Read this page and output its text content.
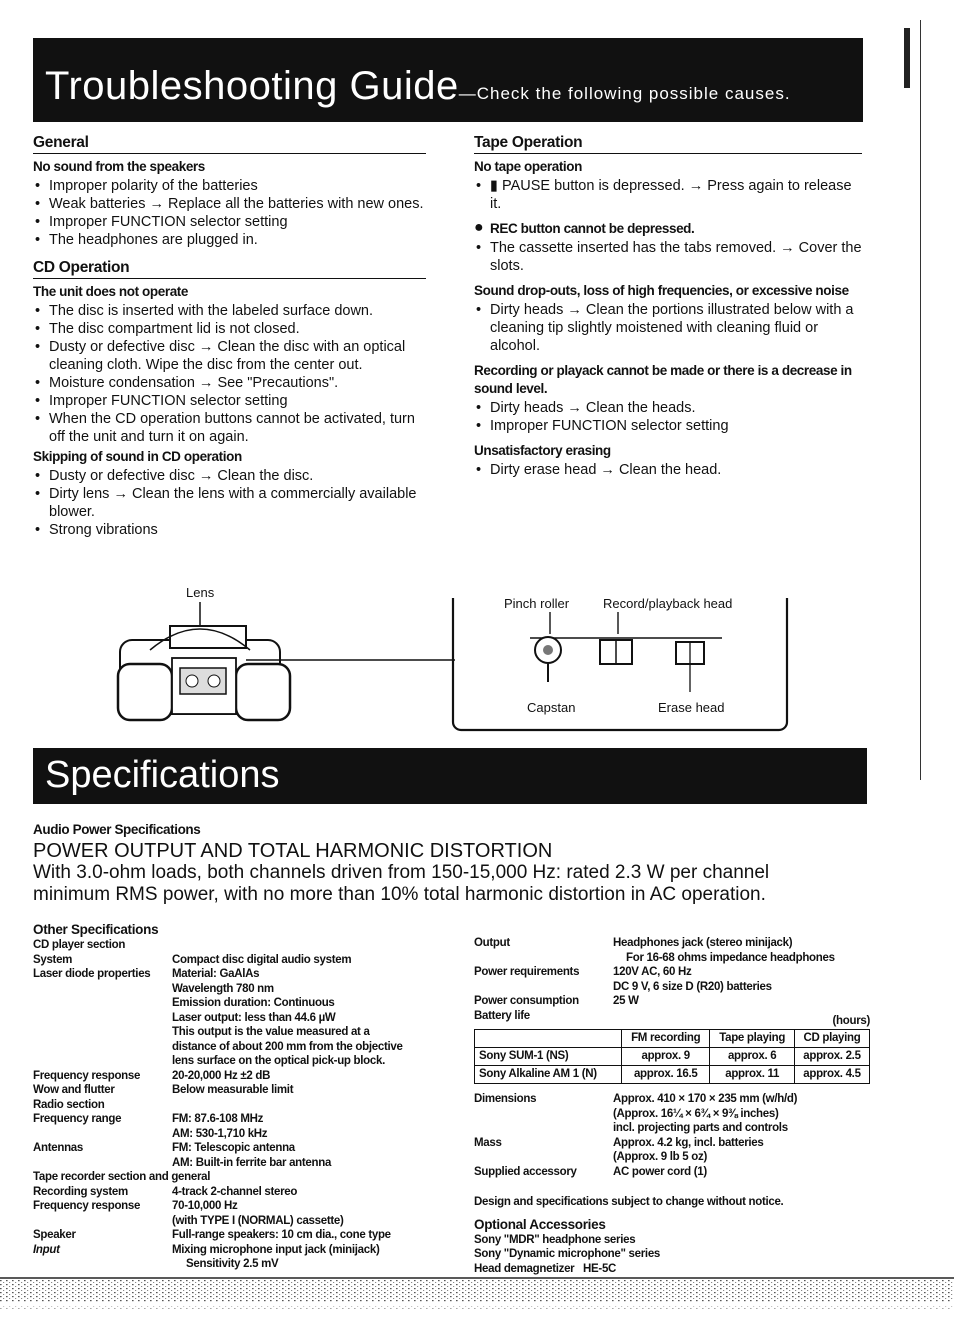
Troubleshooting Guide—Check the following possible causes.
General
No sound from the speakers
• Improper polarity of the batteries
• Weak batteries → Replace all the batteries with new ones.
• Improper FUNCTION selector setting
• The headphones are plugged in.
CD Operation
The unit does not operate
• The disc is inserted with the labeled surface down.
• The disc compartment lid is not closed.
• Dusty or defective disc → Clean the disc with an optical cleaning cloth. Wipe the disc from the center out.
• Moisture condensation → See "Precautions".
• Improper FUNCTION selector setting
• When the CD operation buttons cannot be activated, turn off the unit and turn it on again.
Skipping of sound in CD operation
• Dusty or defective disc → Clean the disc.
• Dirty lens → Clean the lens with a commercially available blower.
• Strong vibrations
Tape Operation
No tape operation
• ▮ PAUSE button is depressed. → Press again to release it.
● REC button cannot be depressed.
• The cassette inserted has the tabs removed. → Cover the slots.
Sound drop-outs, loss of high frequencies, or excessive noise
• Dirty heads → Clean the portions illustrated below with a cleaning tip slightly moistened with cleaning fluid or alcohol.
Recording or playack cannot be made or there is a decrease in sound level.
• Dirty heads → Clean the heads.
• Improper FUNCTION selector setting
Unsatisfactory erasing
• Dirty erase head → Clean the head.
Lens
Pinch roller	Record/playback head
Capstan	Erase head
Specifications
Audio Power Specifications
POWER OUTPUT AND TOTAL HARMONIC DISTORTION
With 3.0-ohm loads, both channels driven from 150-15,000 Hz: rated 2.3 W per channel
minimum RMS power, with no more than 10% total harmonic distortion in AC operation.
Other Specifications
CD player section
System	Compact disc digital audio system
Laser diode properties	Material: GaAlAs
Wavelength 780 nm
Emission duration: Continuous
Laser output: less than 44.6 µW
This output is the value measured at a
distance of about 200 mm from the objective
lens surface on the optical pick-up block.
Frequency response	20-20,000 Hz ±2 dB
Wow and flutter	Below measurable limit
Radio section
Frequency range	FM: 87.6-108 MHz
AM: 530-1,710 kHz
Antennas	FM: Telescopic antenna
AM: Built-in ferrite bar antenna
Tape recorder section and general
Recording system	4-track 2-channel stereo
Frequency response	70-10,000 Hz
(with TYPE I (NORMAL) cassette)
Speaker	Full-range speakers: 10 cm dia., cone type
Input	Mixing microphone input jack (minijack)
Sensitivity 2.5 mV
Output	Headphones jack (stereo minijack)
For 16-68 ohms impedance headphones
Power requirements	120V AC, 60 Hz
DC 9 V, 6 size D (R20) batteries
Power consumption	25 W
Battery life	(hours)
	FM recording	Tape playing	CD playing
Sony SUM-1 (NS)	approx. 9	approx. 6	approx. 2.5
Sony Alkaline AM 1 (N)	approx. 16.5	approx. 11	approx. 4.5
Dimensions	Approx. 410 × 170 × 235 mm (w/h/d)
(Approx. 16¼ × 6¾ × 9⅜ inches)
incl. projecting parts and controls
Mass	Approx. 4.2 kg, incl. batteries
(Approx. 9 lb 5 oz)
Supplied accessory	AC power cord (1)
Design and specifications subject to change without notice.
Optional Accessories
Sony "MDR" headphone series
Sony "Dynamic microphone" series
Head demagnetizer   HE-5C
